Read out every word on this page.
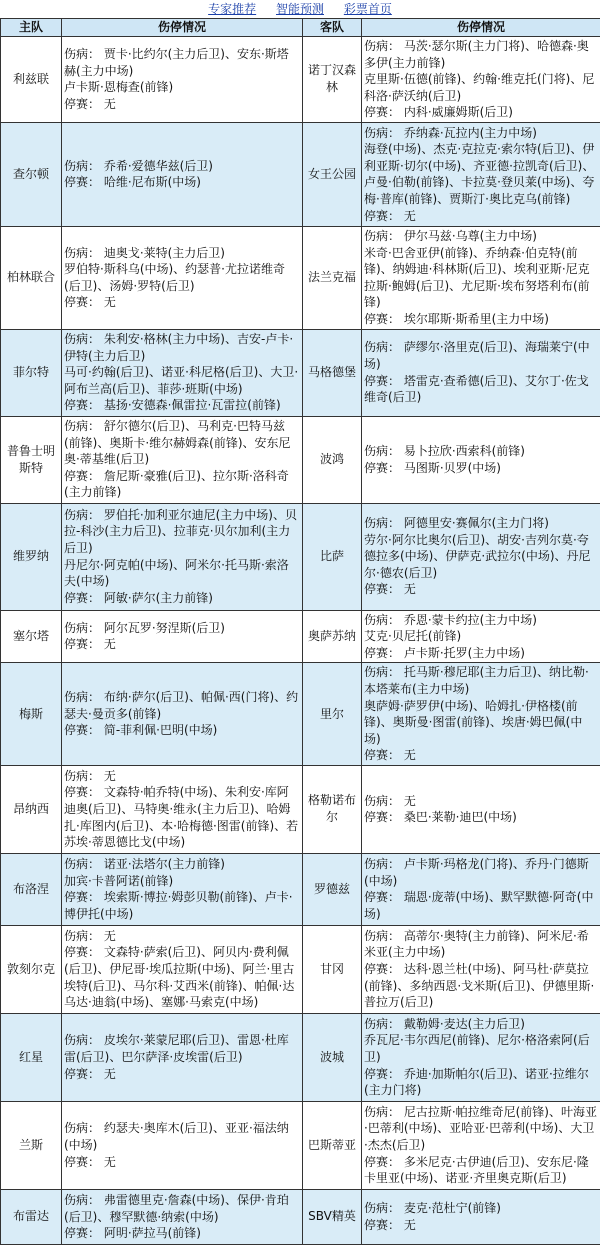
专家推荐 智能预测 彩票首页
主队	伤停情况	客队	伤停情况
利兹联	伤病： 贾卡·比约尔(主力后卫)、安东·斯塔赫(主力中场)
卢卡斯·恩梅查(前锋)
停赛： 无	诺丁汉森林	伤病： 马茨·瑟尔斯(主力门将)、哈德森·奥多伊(主力前锋)
克里斯·伍德(前锋)、约翰·维克托(门将)、尼科洛·萨沃纳(后卫)
停赛： 内科·威廉姆斯(后卫)

查尔顿	伤病： 乔希·爱德华兹(后卫)
停赛： 哈维·尼布斯(中场)	女王公园	伤病： 乔纳森·瓦拉内(主力中场)
海登(中场)、杰克·克拉克·索尔特(后卫)、伊利亚斯·切尔(中场)、齐亚德·拉凯奇(后卫)、卢曼·伯勒(前锋)、卡拉莫·登贝莱(中场)、夸梅·普库(前锋)、贾斯汀·奥比克乌(前锋)
停赛： 无

柏林联合	伤病： 迪奥戈·莱特(主力后卫)
罗伯特·斯科乌(中场)、约瑟普·尤拉诺维奇(后卫)、汤姆·罗特(后卫)
停赛： 无	法兰克福	伤病： 伊尔马兹·乌尊(主力中场)
米奇·巴舍亚伊(前锋)、乔纳森·伯克特(前锋)、纳姆迪·科林斯(后卫)、埃利亚斯·尼克拉斯·鲍姆(后卫)、尤尼斯·埃布努塔利布(前锋)
停赛： 埃尔耶斯·斯希里(主力中场)

菲尔特	伤病： 朱利安·格林(主力中场)、吉安-卢卡·伊特(主力后卫)
马可·约翰(后卫)、诺亚·科尼格(后卫)、大卫·阿布兰高(后卫)、菲莎·班斯(中场)
停赛： 基扬·安德森·佩雷拉·瓦雷拉(前锋)	马格德堡	伤病： 萨缪尔·洛里克(后卫)、海瑞莱宁(中场)
停赛： 塔雷克·查希德(后卫)、艾尔丁·佐戈维奇(后卫)

普鲁士明斯特	伤病： 舒尔德尔(后卫)、马利克·巴特马兹(前锋)、奥斯卡·维尔赫姆森(前锋)、安东尼奥·蒂基维(后卫)
停赛： 詹尼斯·豪雅(后卫)、拉尔斯·洛科奇(主力前锋)	波鸿	伤病： 易卜拉欣·西索科(前锋)
停赛： 马图斯·贝罗(中场)

维罗纳	伤病： 罗伯托·加利亚尔迪尼(主力中场)、贝拉-科沙(主力后卫)、拉菲克·贝尔加利(主力后卫)
丹尼尔·阿克帕(中场)、阿米尔·托马斯·索洛夫(中场)
停赛： 阿敏·萨尔(主力前锋)	比萨	伤病： 阿德里安·赛佩尔(主力门将)
劳尔·阿尔比奥尔(后卫)、胡安·吉列尔莫·夸德拉多(中场)、伊萨克·武拉尔(中场)、丹尼尔·德农(后卫)
停赛： 无

塞尔塔	伤病： 阿尔瓦罗·努涅斯(后卫)
停赛： 无	奥萨苏纳	伤病： 乔恩·蒙卡约拉(主力中场)
艾克·贝尼托(前锋)
停赛： 卢卡斯·托罗(主力中场)

梅斯	伤病： 布纳·萨尔(后卫)、帕佩·西(门将)、约瑟夫·曼贡多(前锋)
停赛： 简-菲利佩·巴明(中场)	里尔	伤病： 托马斯·穆尼耶(主力后卫)、纳比勒·本塔莱布(主力中场)
奥萨姆·萨罗伊(中场)、哈姆扎·伊格楼(前锋)、奥斯曼·图雷(前锋)、埃唐·姆巴佩(中场)
停赛： 无

昂纳西	伤病： 无
停赛： 文森特·帕乔特(中场)、朱利安·库阿迪奥(后卫)、马特奥·维永(主力后卫)、哈姆扎·库图内(后卫)、本·哈梅德·图雷(前锋)、若苏埃·蒂恩德比戈(中场)	格勒诺布尔	伤病： 无
停赛： 桑巴·莱勒·迪巴(中场)

布洛涅	伤病： 诺亚·法塔尔(主力前锋)
加宾·卡普阿诺(前锋)
停赛： 埃索斯·博拉·姆彭贝勒(前锋)、卢卡·博伊托(中场)	罗德兹	伤病： 卢卡斯·玛格龙(门将)、乔丹·门德斯(中场)
停赛： 瑞恩·庞蒂(中场)、默罕默德·阿奇(中场)

敦刻尔克	伤病： 无
停赛： 文森特·萨索(后卫)、阿贝内·费利佩(后卫)、伊尼哥·埃瓜拉斯(中场)、阿兰·里古埃特(后卫)、马尔科·艾西米(前锋)、帕佩·达乌达·迪翁(中场)、塞娜·马索克(中场)	甘冈	伤病： 高蒂尔·奥特(主力前锋)、阿米尼·希米亚(主力中场)
停赛： 达科·恩兰杜(中场)、阿马杜·萨莫拉(前锋)、多纳西恩·戈米斯(后卫)、伊德里斯·普拉万(后卫)

红星	伤病： 皮埃尔·莱蒙尼耶(后卫)、雷恩·杜库雷(后卫)、巴尔萨泽·皮埃雷(后卫)
停赛： 无	波城	伤病： 戴勒姆·麦达(主力后卫)
乔瓦尼·韦尔西尼(前锋)、尼尔·格洛索阿(后卫)
停赛： 乔迪·加斯帕尔(后卫)、诺亚·拉维尔(主力门将)

兰斯	伤病： 约瑟夫·奥库木(后卫)、亚亚·福法纳(中场)
停赛： 无	巴斯蒂亚	伤病： 尼古拉斯·帕拉维奇尼(前锋)、叶海亚·巴蒂利(中场)、亚哈亚·巴蒂利(中场)、大卫·杰杰(后卫)
停赛： 多米尼克·古伊迪(后卫)、安东尼·隆卡里亚(中场)、诺亚·齐里奥克斯(后卫)

布雷达	伤病： 弗雷德里克·詹森(中场)、保伊·肯珀(后卫)、穆罕默德·纳索(中场)
停赛： 阿明·萨拉马(前锋)	SBV精英	伤病： 麦克·范杜宁(前锋)
停赛： 无
